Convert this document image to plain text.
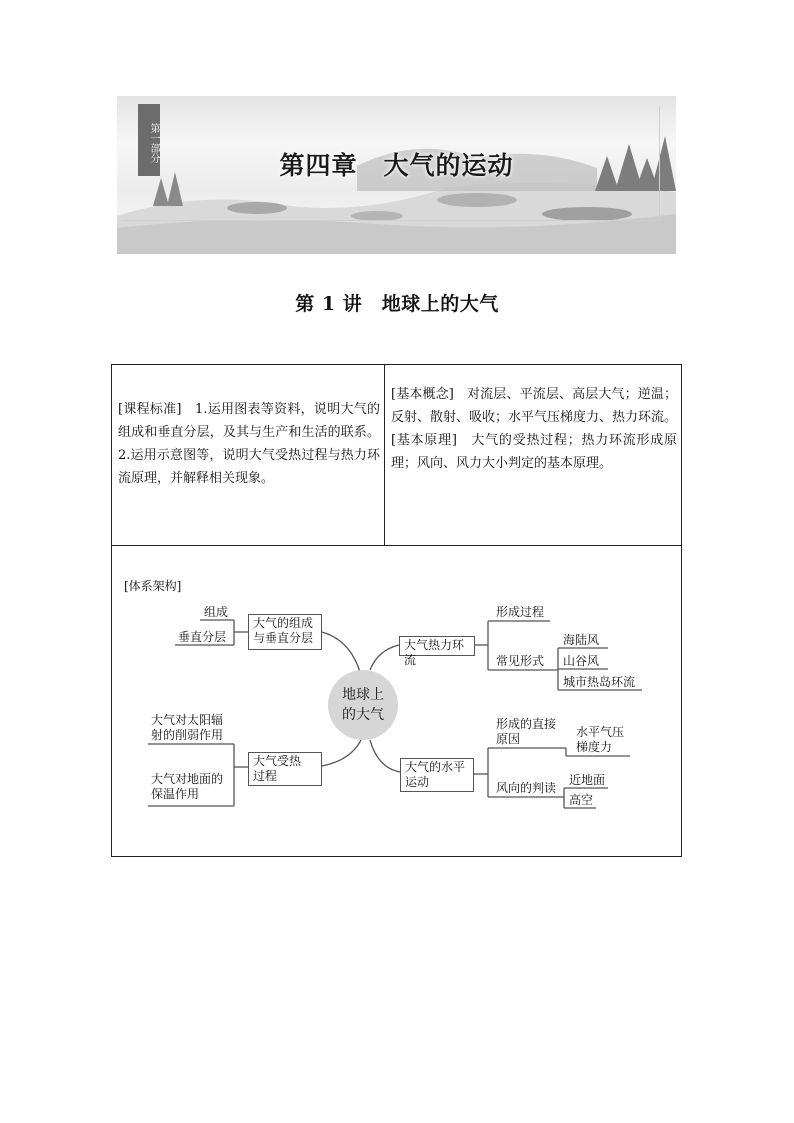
第一部分
第四章　大气的运动
第 1 讲　地球上的大气
[课程标准]　1.运用图表等资料，说明大气的组成和垂直分层，及其与生产和生活的联系。2.运用示意图等，说明大气受热过程与热力环流原理，并解释相关现象。
[基本概念]　对流层、平流层、高层大气；逆温；反射、散射、吸收；水平气压梯度力、热力环流。
[基本原理]　大气的受热过程；热力环流形成原理；风向、风力大小判定的基本原理。
[体系架构]
地球上
的大气
大气的组成
与垂直分层
组成
垂直分层
大气受热
过程
大气对太阳辐
射的削弱作用
大气对地面的
保温作用
大气热力环流
形成过程
常见形式
海陆风
山谷风
城市热岛环流
大气的水平
运动
形成的直接
原因	水平气压
梯度力
风向的判读
近地面
高空
